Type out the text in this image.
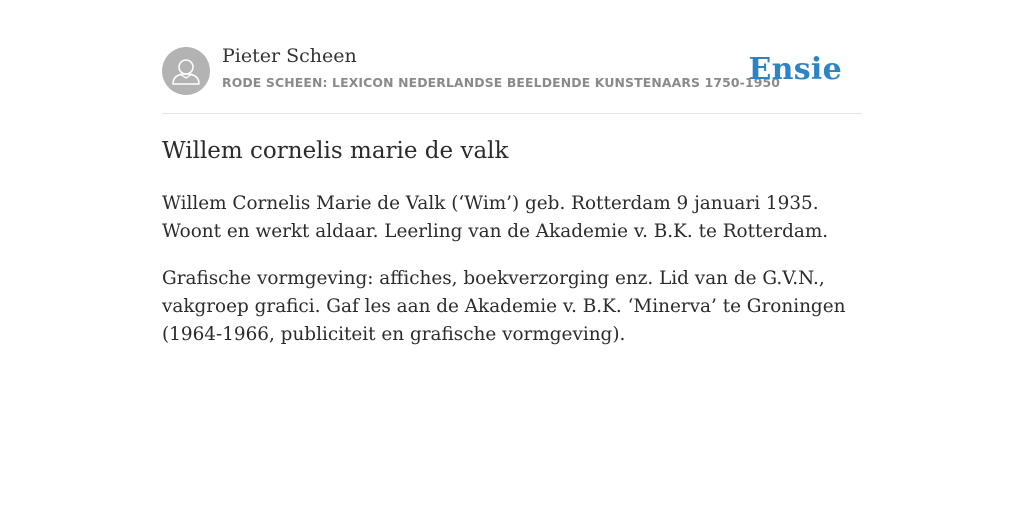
Pieter Scheen
RODE SCHEEN: LEXICON NEDERLANDSE BEELDENDE KUNSTENAARS 1750-1950
Ensie
Willem cornelis marie de valk

Willem Cornelis Marie de Valk (‘Wim’) geb. Rotterdam 9 januari 1935. Woont en werkt aldaar. Leerling van de Akademie v. B.K. te Rotterdam.

Grafische vormgeving: affiches, boekverzorging enz. Lid van de G.V.N., vakgroep grafici. Gaf les aan de Akademie v. B.K. ‘Minerva’ te Groningen (1964-1966, publiciteit en grafische vormgeving).
